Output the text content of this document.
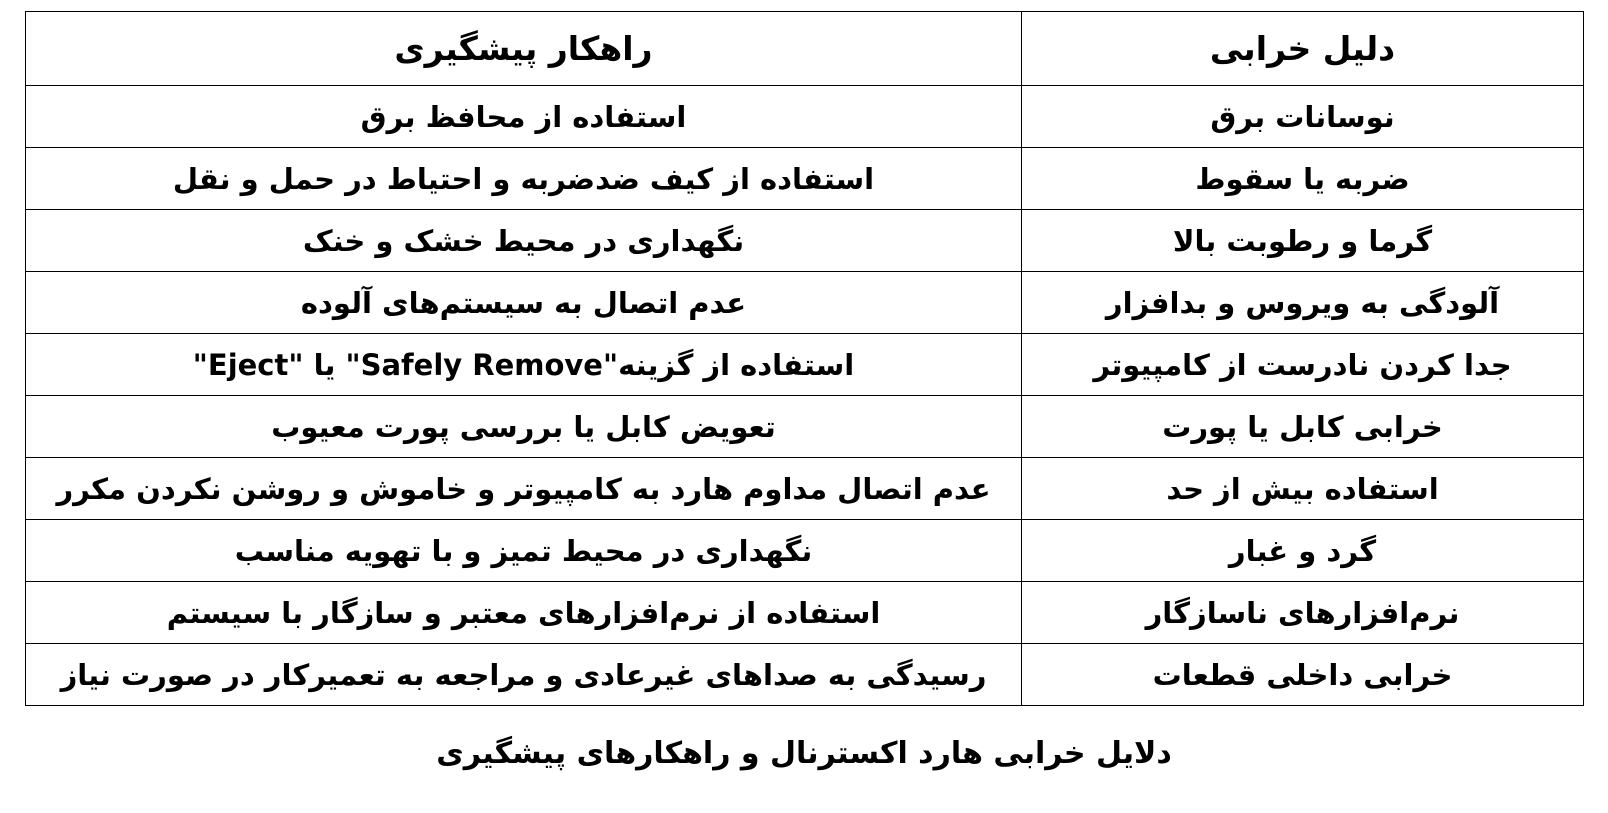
دلیل خرابی	راهکار پیشگیری
نوسانات برق	استفاده از محافظ برق
ضربه یا سقوط	استفاده از کیف ضدضربه و احتیاط در حمل و نقل
گرما و رطوبت بالا	نگهداری در محیط خشک و خنک
آلودگی به ویروس و بدافزار	عدم اتصال به سیستم‌های آلوده
جدا کردن نادرست از کامپیوتر	استفاده از گزینه"Safely Remove" یا "Eject"
خرابی کابل یا پورت	تعویض کابل یا بررسی پورت معیوب
استفاده بیش از حد	عدم اتصال مداوم هارد به کامپیوتر و خاموش و روشن نکردن مکرر
گرد و غبار	نگهداری در محیط تمیز و با تهویه مناسب
نرم‌افزارهای ناسازگار	استفاده از نرم‌افزارهای معتبر و سازگار با سیستم
خرابی داخلی قطعات	رسیدگی به صداهای غیرعادی و مراجعه به تعمیرکار در صورت نیاز
دلایل خرابی هارد اکسترنال و راهکارهای پیشگیری
